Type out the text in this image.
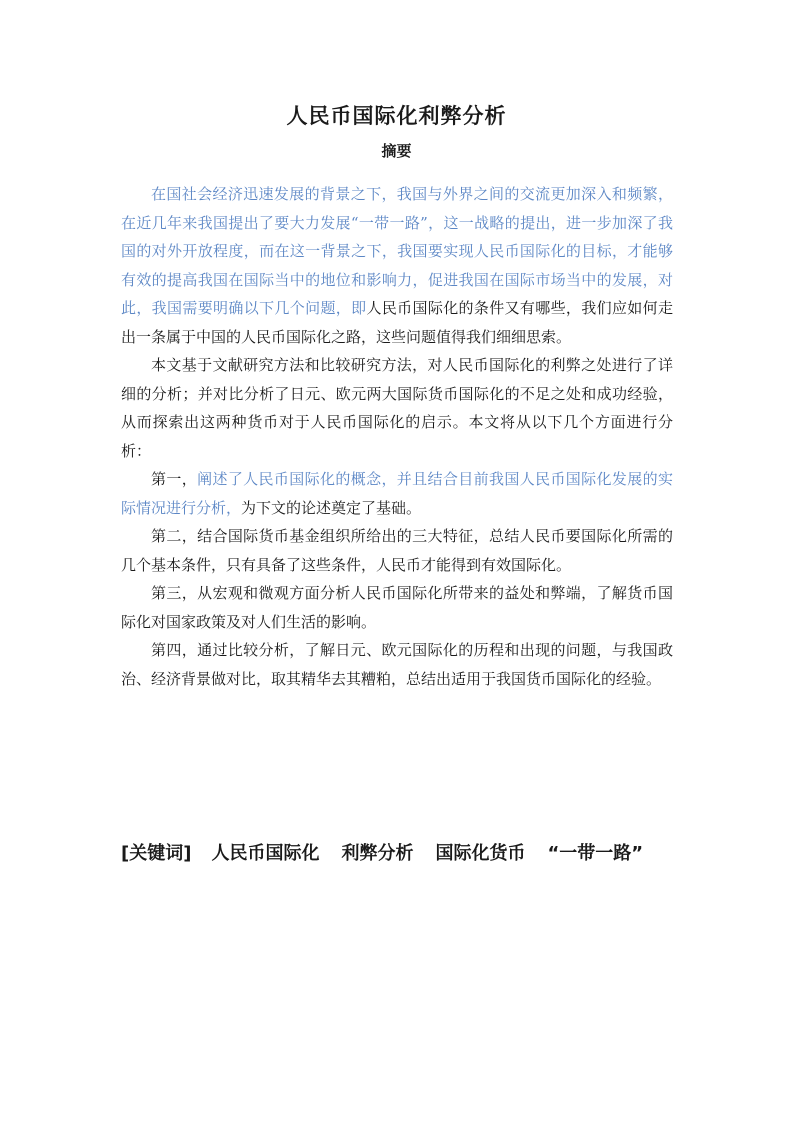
人民币国际化利弊分析
摘要

在国社会经济迅速发展的背景之下，我国与外界之间的交流更加深入和频繁，在近几年来我国提出了要大力发展“一带一路”，这一战略的提出，进一步加深了我国的对外开放程度，而在这一背景之下，我国要实现人民币国际化的目标，才能够有效的提高我国在国际当中的地位和影响力，促进我国在国际市场当中的发展，对此，我国需要明确以下几个问题，即人民币国际化的条件又有哪些，我们应如何走出一条属于中国的人民币国际化之路，这些问题值得我们细细思索。

本文基于文献研究方法和比较研究方法，对人民币国际化的利弊之处进行了详细的分析；并对比分析了日元、欧元两大国际货币国际化的不足之处和成功经验，从而探索出这两种货币对于人民币国际化的启示。本文将从以下几个方面进行分析：

第一，阐述了人民币国际化的概念，并且结合目前我国人民币国际化发展的实际情况进行分析，为下文的论述奠定了基础。

第二，结合国际货币基金组织所给出的三大特征，总结人民币要国际化所需的几个基本条件，只有具备了这些条件，人民币才能得到有效国际化。

第三，从宏观和微观方面分析人民币国际化所带来的益处和弊端，了解货币国际化对国家政策及对人们生活的影响。

第四，通过比较分析，了解日元、欧元国际化的历程和出现的问题，与我国政治、经济背景做对比，取其精华去其糟粕，总结出适用于我国货币国际化的经验。

[关键词] 人民币国际化 利弊分析 国际化货币 “一带一路”
